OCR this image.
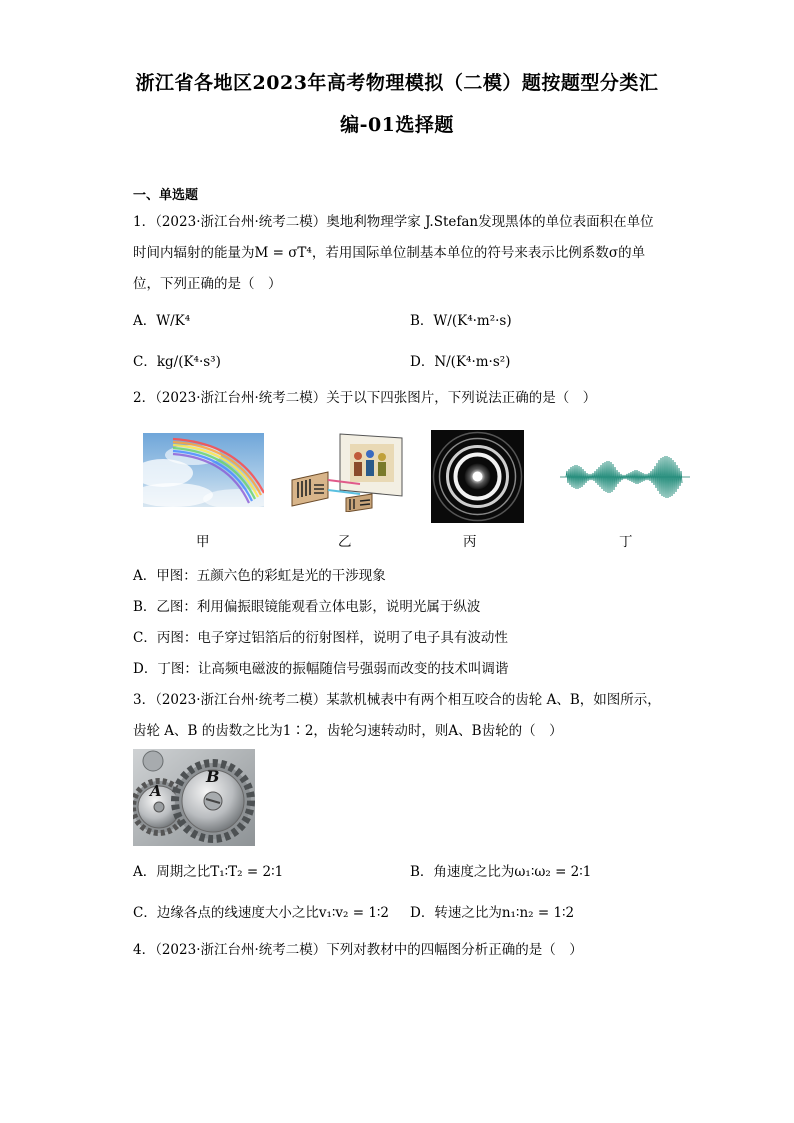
浙江省各地区2023年高考物理模拟（二模）题按题型分类汇
编-01选择题
一、单选题
1．（2023·浙江台州·统考二模）奥地利物理学家 J.Stefan发现黑体的单位表面积在单位
时间内辐射的能量为M = σT⁴，若用国际单位制基本单位的符号来表示比例系数σ的单
位，下列正确的是（　）
A．W/K⁴	B．W/(K⁴·m²·s)
C．kg/(K⁴·s³)	D．N/(K⁴·m·s²)
2．（2023·浙江台州·统考二模）关于以下四张图片，下列说法正确的是（　）
甲	乙	丙	丁
A．甲图：五颜六色的彩虹是光的干涉现象
B．乙图：利用偏振眼镜能观看立体电影，说明光属于纵波
C．丙图：电子穿过铝箔后的衍射图样，说明了电子具有波动性
D．丁图：让高频电磁波的振幅随信号强弱而改变的技术叫调谐
3．（2023·浙江台州·统考二模）某款机械表中有两个相互咬合的齿轮 A、B，如图所示，
齿轮 A、B 的齿数之比为1∶2，齿轮匀速转动时，则A、B齿轮的（　）
A
B
A．周期之比T₁∶T₂ = 2∶1	B．角速度之比为ω₁∶ω₂ = 2∶1
C．边缘各点的线速度大小之比v₁∶v₂ = 1∶2 D．转速之比为n₁∶n₂ = 1∶2
4．（2023·浙江台州·统考二模）下列对教材中的四幅图分析正确的是（　）
